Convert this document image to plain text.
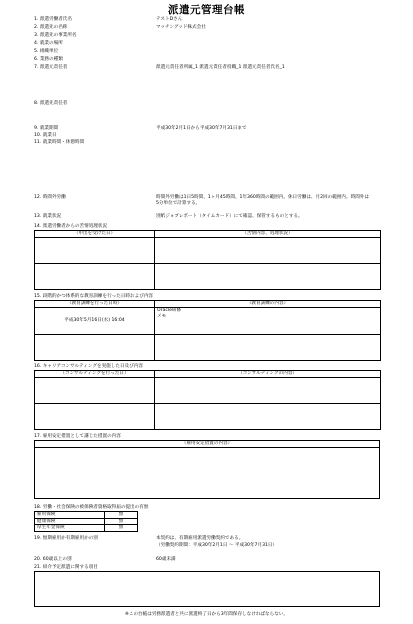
派遣元管理台帳
1. 派遣労働者氏名	テストDさん
2. 派遣先の名称	マッチングッド株式会社
3. 派遣先の事業所名
4. 就業の場所
5. 組織単位
6. 業務の種類
7. 派遣元責任者	派遣元責任者所属_1 派遣元責任者役職_1 派遣元責任者氏名_1
8. 派遣先責任者
9. 就業期間	平成30年2月1日から平成30年7月31日まで
10. 就業日
11. 就業時間・休憩時間
12. 時間外労働	時間外労働は1日5時間、1ヶ月45時間、1年360時間の範囲内。休日労働は、月2回の範囲内。時間外は5分単位で計算する。
13. 就業状況	別紙ジョブレポート（タイムカード）にて確認、保管するものとする。
14. 派遣労働者からの苦情処理状況
（申出を受けた日）	（苦情内容、処理状況）

15. 段階的かつ体系的な教育訓練を行った日時および内容
（教育訓練を行った日時）	（教育訓練の内容）
平成30年5月16日(水) 16:04	Oracle研修
メモ

16. キャリアコンサルティングを実施した日及び内容
（コンサルティングを行った日）	（コンサルティングの内容）

17. 雇用安定措置として講じた措置の内容
（雇用安定措置の内容）

18. 労働・社会保険の被保険者資格取得届の提出の有無
雇用保険	無
健康保険	無
厚生年金保険	無
19. 無期雇用か有期雇用かの別	本契約は、有期雇用派遣労働契約である。
（労働契約期間：平成30年2月1日 ～ 平成30年7月31日）
20. 60歳以上の別	60歳未満
21. 紹介予定派遣に関する項目
※この台帳は労務派遣者と共に派遣終了日から3年間保存しなければならない。
